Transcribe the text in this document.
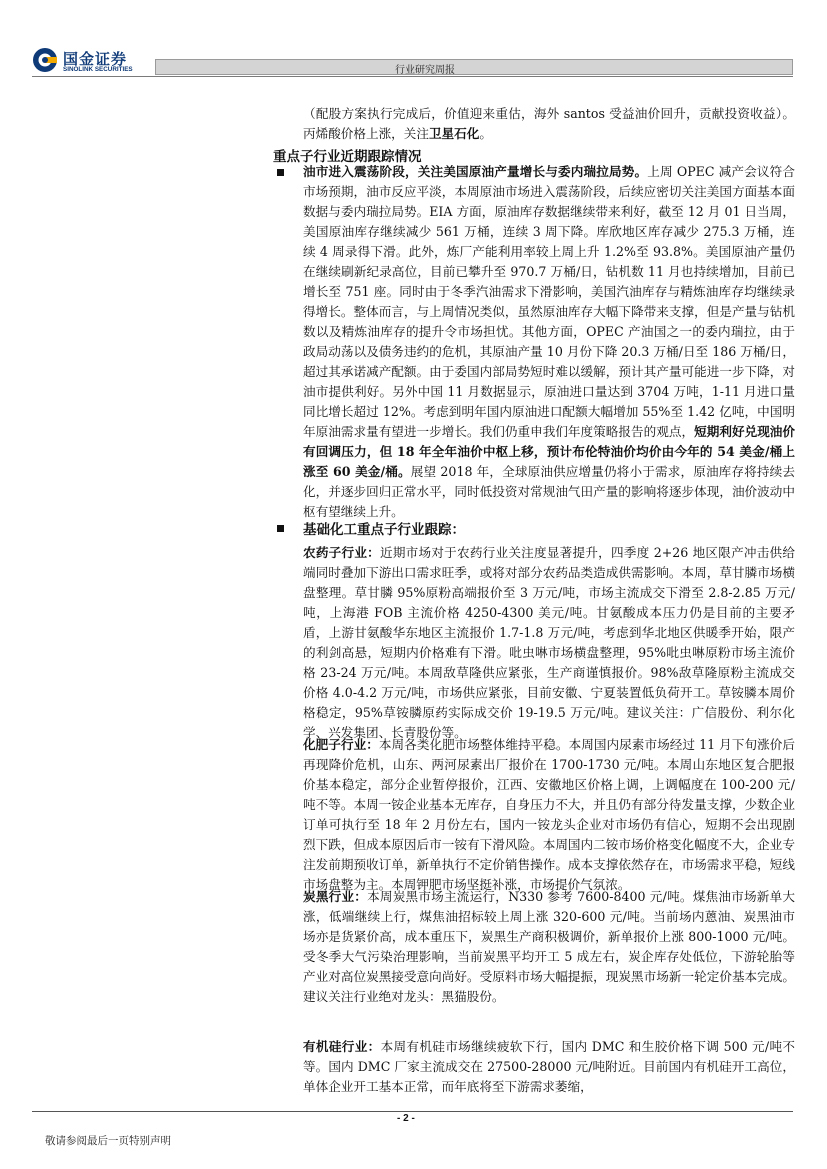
国金证券
SINOLINK SECURITIES	行业研究周报
（配股方案执行完成后，价值迎来重估，海外 santos 受益油价回升，贡献投资收益）。丙烯酸价格上涨，关注卫星石化。
重点子行业近期跟踪情况
油市进入震荡阶段，关注美国原油产量增长与委内瑞拉局势。上周 OPEC 减产会议符合市场预期，油市反应平淡，本周原油市场进入震荡阶段，后续应密切关注美国方面基本面数据与委内瑞拉局势。EIA 方面，原油库存数据继续带来利好，截至 12 月 01 日当周，美国原油库存继续减少 561 万桶，连续 3 周下降。库欣地区库存减少 275.3 万桶，连续 4 周录得下滑。此外，炼厂产能利用率较上周上升 1.2%至 93.8%。美国原油产量仍在继续刷新纪录高位，目前已攀升至 970.7 万桶/日，钻机数 11 月也持续增加，目前已增长至 751 座。同时由于冬季汽油需求下滑影响，美国汽油库存与精炼油库存均继续录得增长。整体而言，与上周情况类似，虽然原油库存大幅下降带来支撑，但是产量与钻机数以及精炼油库存的提升令市场担忧。其他方面，OPEC 产油国之一的委内瑞拉，由于政局动荡以及债务违约的危机，其原油产量 10 月份下降 20.3 万桶/日至 186 万桶/日，超过其承诺减产配额。由于委国内部局势短时难以缓解，预计其产量可能进一步下降，对油市提供利好。另外中国 11 月数据显示，原油进口量达到 3704 万吨，1-11 月进口量同比增长超过 12%。考虑到明年国内原油进口配额大幅增加 55%至 1.42 亿吨，中国明年原油需求量有望进一步增长。我们仍重申我们年度策略报告的观点，短期利好兑现油价有回调压力，但 18 年全年油价中枢上移，预计布伦特油价均价由今年的 54 美金/桶上涨至 60 美金/桶。展望 2018 年，全球原油供应增量仍将小于需求，原油库存将持续去化，并逐步回归正常水平，同时低投资对常规油气田产量的影响将逐步体现，油价波动中枢有望继续上升。
基础化工重点子行业跟踪：
农药子行业：近期市场对于农药行业关注度显著提升，四季度 2+26 地区限产冲击供给端同时叠加下游出口需求旺季，或将对部分农药品类造成供需影响。本周，草甘膦市场横盘整理。草甘膦 95%原粉高端报价至 3 万元/吨，市场主流成交下滑至 2.8-2.85 万元/吨，上海港 FOB 主流价格 4250-4300 美元/吨。甘氨酸成本压力仍是目前的主要矛盾，上游甘氨酸华东地区主流报价 1.7-1.8 万元/吨，考虑到华北地区供暖季开始，限产的利剑高悬，短期内价格难有下滑。吡虫啉市场横盘整理，95%吡虫啉原粉市场主流价格 23-24 万元/吨。本周敌草隆供应紧张，生产商谨慎报价。98%敌草隆原粉主流成交价格 4.0-4.2 万元/吨，市场供应紧张，目前安徽、宁夏装置低负荷开工。草铵膦本周价格稳定，95%草铵膦原药实际成交价 19-19.5 万元/吨。建议关注：广信股份、利尔化学、兴发集团、长青股份等。
化肥子行业：本周各类化肥市场整体维持平稳。本周国内尿素市场经过 11 月下旬涨价后再现降价危机，山东、两河尿素出厂报价在 1700-1730 元/吨。本周山东地区复合肥报价基本稳定，部分企业暂停报价，江西、安徽地区价格上调，上调幅度在 100-200 元/吨不等。本周一铵企业基本无库存，自身压力不大，并且仍有部分待发量支撑，少数企业订单可执行至 18 年 2 月份左右，国内一铵龙头企业对市场仍有信心，短期不会出现剧烈下跌，但成本原因后市一铵有下滑风险。本周国内二铵市场价格变化幅度不大，企业专注发前期预收订单，新单执行不定价销售操作。成本支撑依然存在，市场需求平稳，短线市场盘整为主。本周钾肥市场坚挺补涨，市场提价气氛浓。
炭黑行业：本周炭黑市场主流运行，N330 参考 7600-8400 元/吨。煤焦油市场新单大涨，低端继续上行，煤焦油招标较上周上涨 320-600 元/吨。当前场内蒽油、炭黑油市场亦是货紧价高，成本重压下，炭黑生产商积极调价，新单报价上涨 800-1000 元/吨。受冬季大气污染治理影响，当前炭黑平均开工 5 成左右，炭企库存处低位，下游轮胎等产业对高位炭黑接受意向尚好。受原料市场大幅提振，现炭黑市场新一轮定价基本完成。建议关注行业绝对龙头：黑猫股份。
有机硅行业：本周有机硅市场继续疲软下行，国内 DMC 和生胶价格下调 500 元/吨不等。国内 DMC 厂家主流成交在 27500-28000 元/吨附近。目前国内有机硅开工高位，单体企业开工基本正常，而年底将至下游需求萎缩，
- 2 -
敬请参阅最后一页特别声明
